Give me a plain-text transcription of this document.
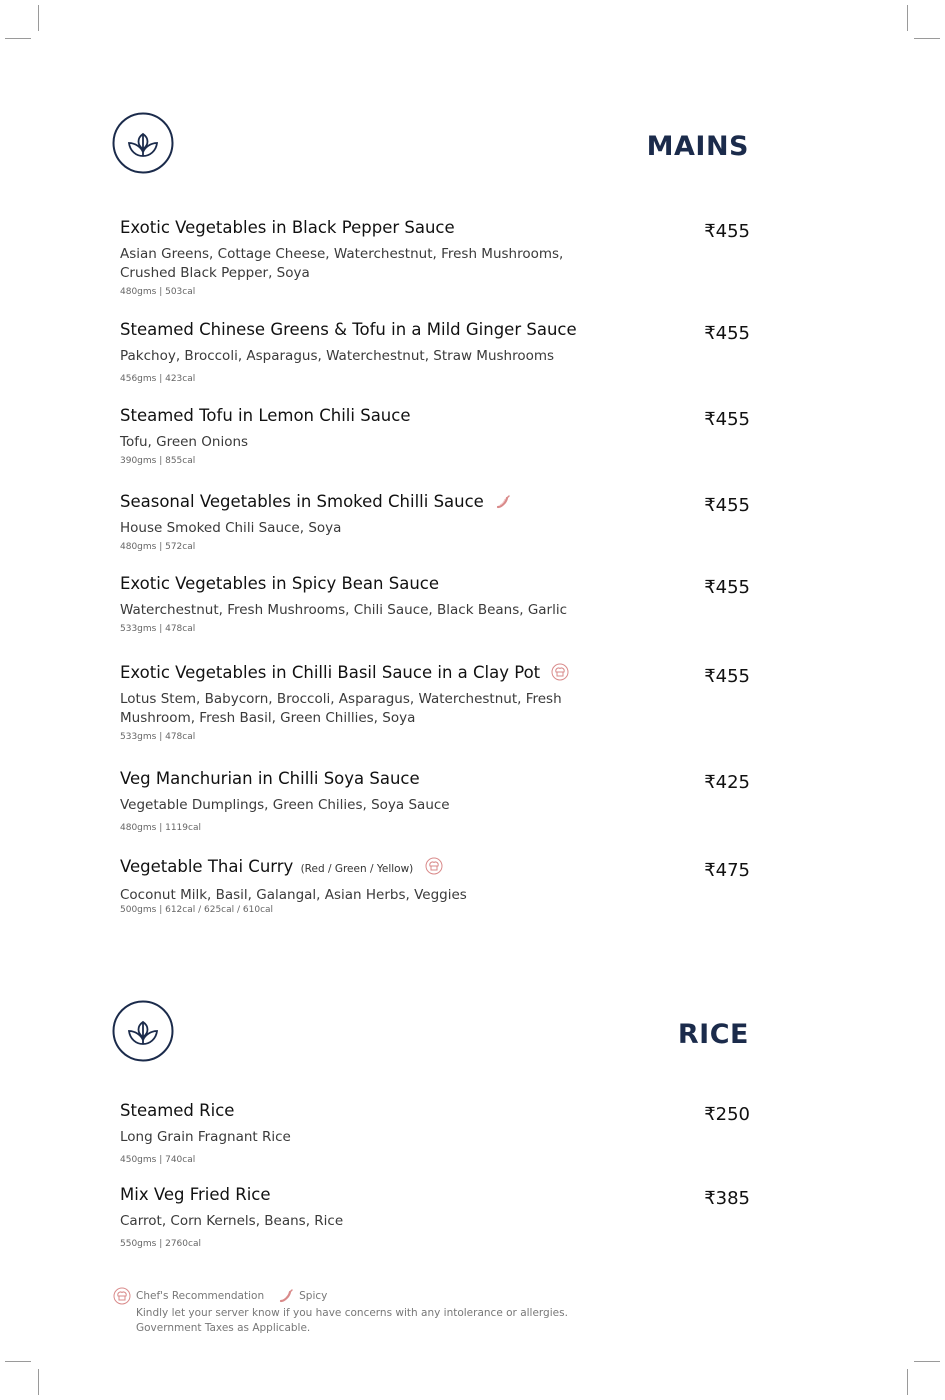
MAINS
Exotic Vegetables in Black Pepper Sauce
Asian Greens, Cottage Cheese, Waterchestnut, Fresh Mushrooms, Crushed Black Pepper, Soya
480gms | 503cal
₹455
Steamed Chinese Greens & Tofu in a Mild Ginger Sauce
Pakchoy, Broccoli, Asparagus, Waterchestnut, Straw Mushrooms
456gms | 423cal
₹455
Steamed Tofu in Lemon Chili Sauce
Tofu, Green Onions
390gms | 855cal
₹455
Seasonal Vegetables in Smoked Chilli Sauce
House Smoked Chili Sauce, Soya
480gms | 572cal
₹455
Exotic Vegetables in Spicy Bean Sauce
Waterchestnut, Fresh Mushrooms, Chili Sauce, Black Beans, Garlic
533gms | 478cal
₹455
Exotic Vegetables in Chilli Basil Sauce in a Clay Pot
Lotus Stem, Babycorn, Broccoli, Asparagus, Waterchestnut, Fresh Mushroom, Fresh Basil, Green Chillies, Soya
533gms | 478cal
₹455
Veg Manchurian in Chilli Soya Sauce
Vegetable Dumplings, Green Chilies, Soya Sauce
480gms | 1119cal
₹425
Vegetable Thai Curry (Red / Green / Yellow)
Coconut Milk, Basil, Galangal, Asian Herbs, Veggies
500gms | 612cal / 625cal / 610cal
₹475
RICE
Steamed Rice
Long Grain Fragnant Rice
450gms | 740cal
₹250
Mix Veg Fried Rice
Carrot, Corn Kernels, Beans, Rice
550gms | 2760cal
₹385
Chef's Recommendation	Spicy
Kindly let your server know if you have concerns with any intolerance or allergies.
Government Taxes as Applicable.
